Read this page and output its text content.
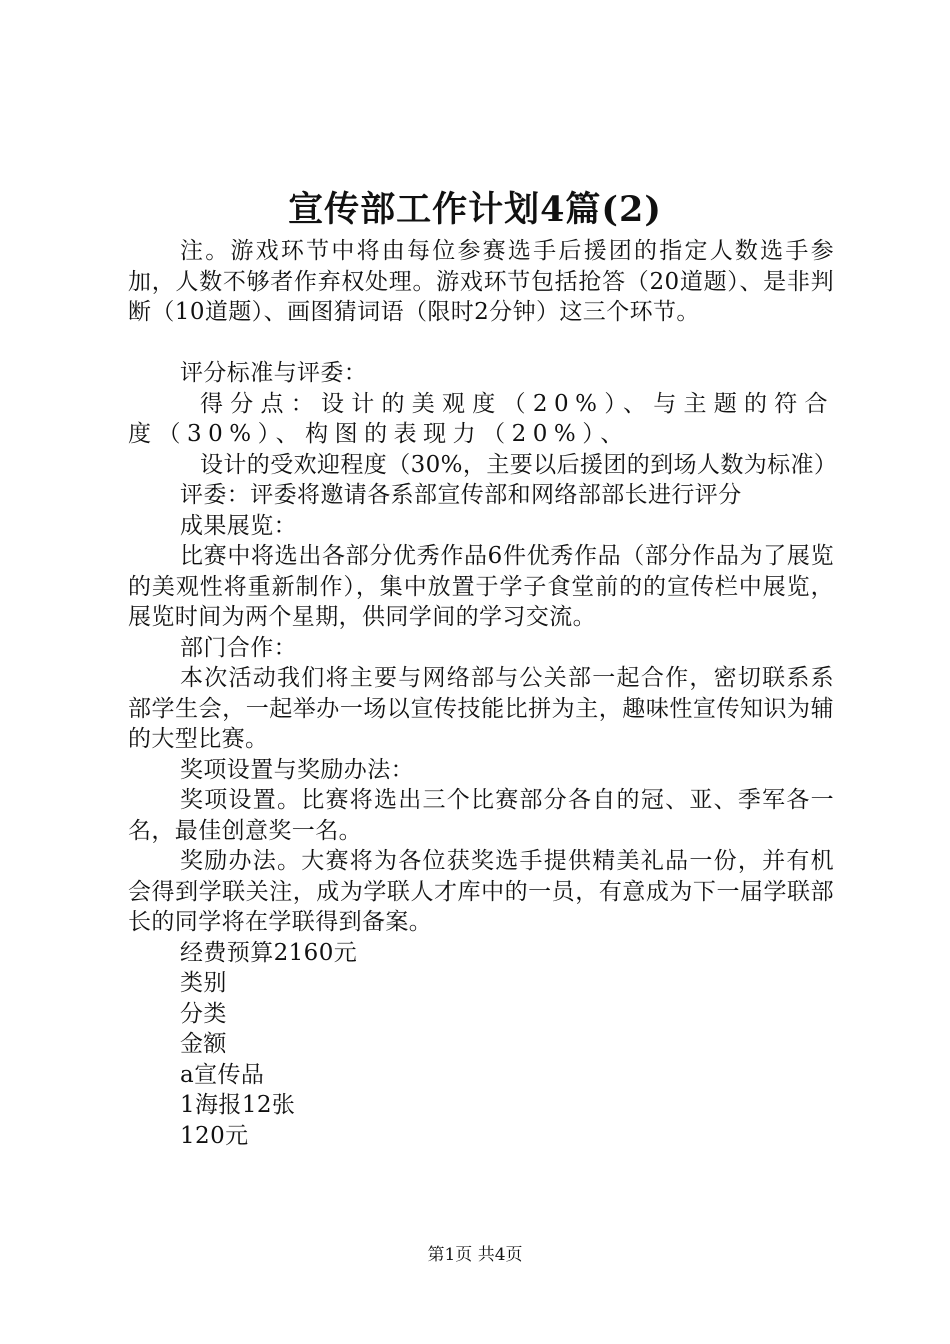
宣传部工作计划4篇(2)

注。游戏环节中将由每位参赛选手后援团的指定人数选手参加，人数不够者作弃权处理。游戏环节包括抢答（20道题）、是非判断（10道题）、画图猜词语（限时2分钟）这三个环节。

评分标准与评委：

得分点：设计的美观度（20%）、与主题的符合度（30%）、构图的表现力（20%）、

设计的受欢迎程度（30%，主要以后援团的到场人数为标准）

评委：评委将邀请各系部宣传部和网络部部长进行评分

成果展览：

比赛中将选出各部分优秀作品6件优秀作品（部分作品为了展览的美观性将重新制作），集中放置于学子食堂前的的宣传栏中展览，展览时间为两个星期，供同学间的学习交流。

部门合作：

本次活动我们将主要与网络部与公关部一起合作，密切联系系部学生会，一起举办一场以宣传技能比拼为主，趣味性宣传知识为辅的大型比赛。

奖项设置与奖励办法：

奖项设置。比赛将选出三个比赛部分各自的冠、亚、季军各一名，最佳创意奖一名。

奖励办法。大赛将为各位获奖选手提供精美礼品一份，并有机会得到学联关注，成为学联人才库中的一员，有意成为下一届学联部长的同学将在学联得到备案。

经费预算2160元

类别

分类

金额

a宣传品

1海报12张

120元

第1页 共4页
